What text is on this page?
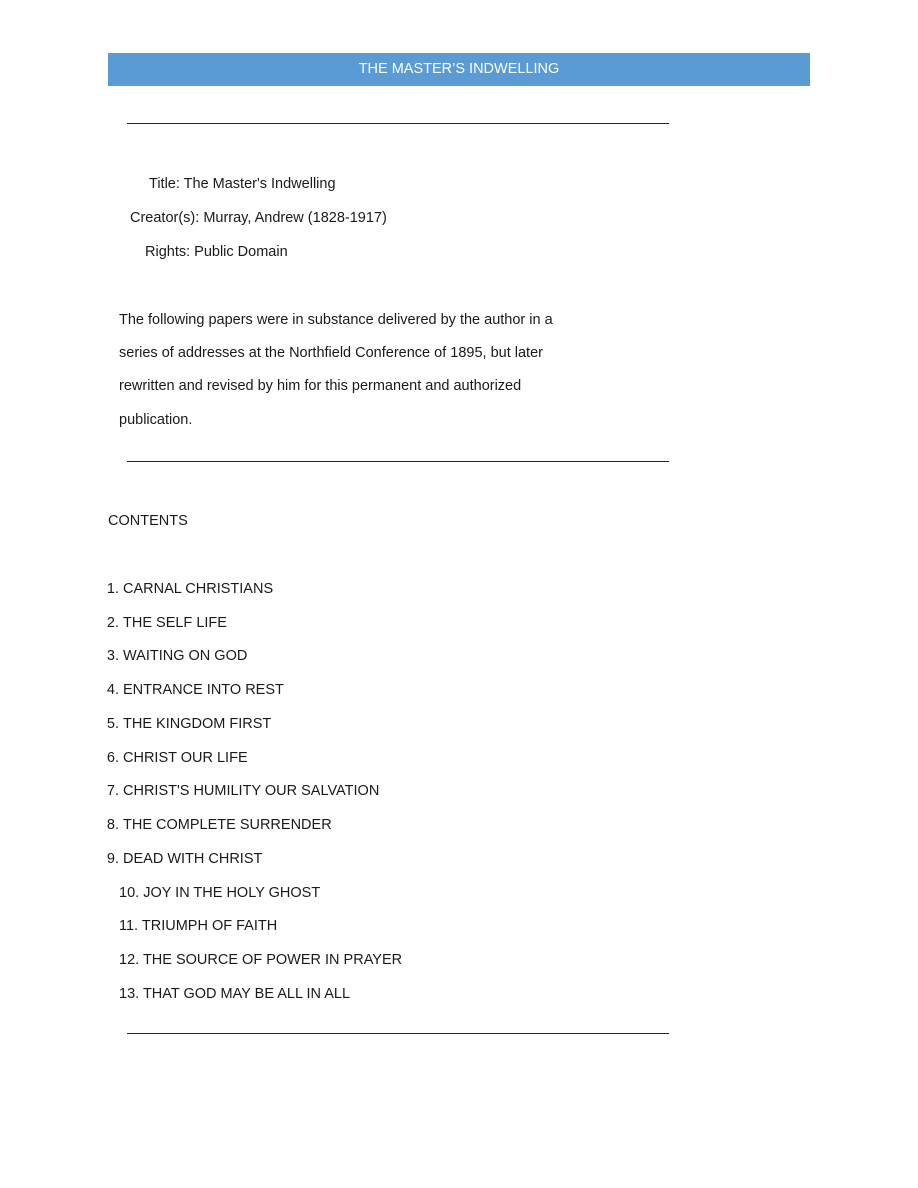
THE MASTER’S INDWELLING
Title: The Master's Indwelling
Creator(s): Murray, Andrew (1828-1917)
Rights: Public Domain
The following papers were in substance delivered by the author in a
series of addresses at the Northfield Conference of 1895, but later
rewritten and revised by him for this permanent and authorized
publication.
CONTENTS
1. CARNAL CHRISTIANS
2. THE SELF LIFE
3. WAITING ON GOD
4. ENTRANCE INTO REST
5. THE KINGDOM FIRST
6. CHRIST OUR LIFE
7. CHRIST'S HUMILITY OUR SALVATION
8. THE COMPLETE SURRENDER
9. DEAD WITH CHRIST
10. JOY IN THE HOLY GHOST
11. TRIUMPH OF FAITH
12. THE SOURCE OF POWER IN PRAYER
13. THAT GOD MAY BE ALL IN ALL
